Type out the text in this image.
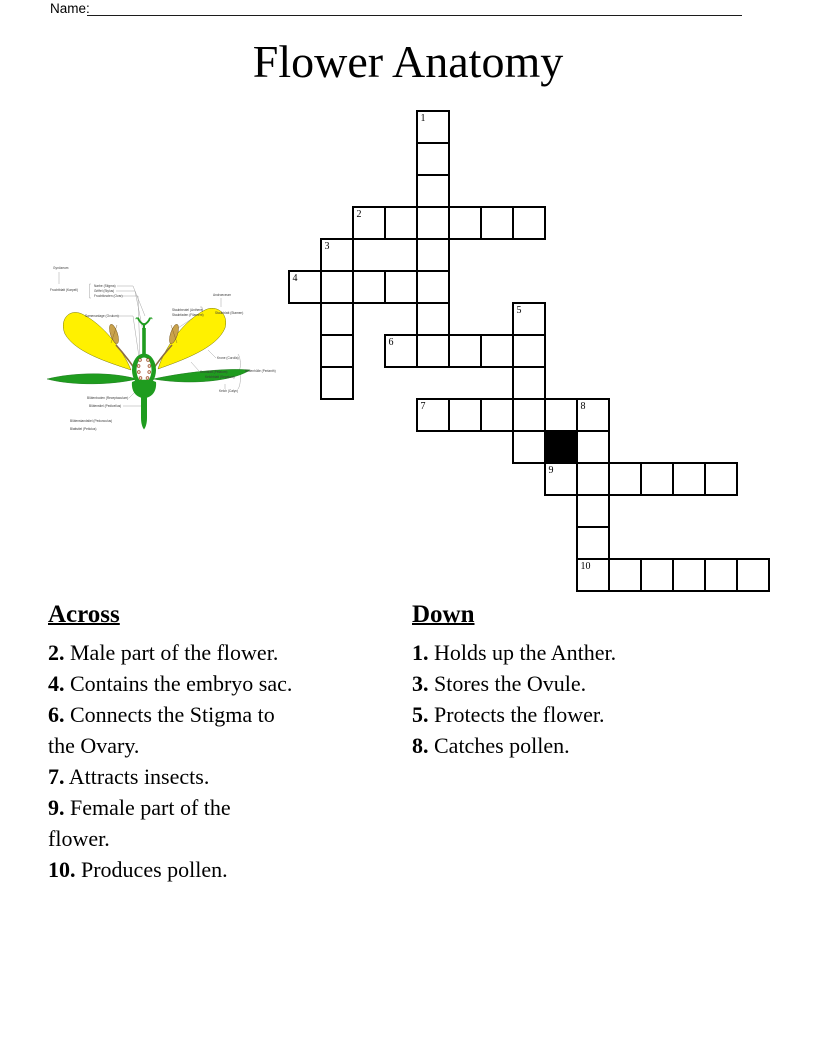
Name:
Flower Anatomy
1
2
3
4
5
6
7	8
9
10
Gynözeum
Fruchtblatt (Karpell)
Narbe (Stigma)
Griffel (Stylus)
Fruchtknoten (Ovar)
Samenanlage (Ovulum)
Staubbeutel (Anthere)
Staubfaden (Filament)
Androeceum
Staubblatt (Stamen)
Krone (Corolla)
Kronblatt (Petalum)
Kelchblatt (Sepalum)
Kelch (Calyx)
Blütenhülle (Perianth)
Blütenboden (Receptaculum)
Blütenstiel (Pedicellus)
Blütenstandstiel (Pedunculus)
Blattstiel (Petiolus)
Across
2. Male part of the flower.
4. Contains the embryo sac.
6. Connects the Stigma to
the Ovary.
7. Attracts insects.
9. Female part of the
flower.
10. Produces pollen.
Down
1. Holds up the Anther.
3. Stores the Ovule.
5. Protects the flower.
8. Catches pollen.
